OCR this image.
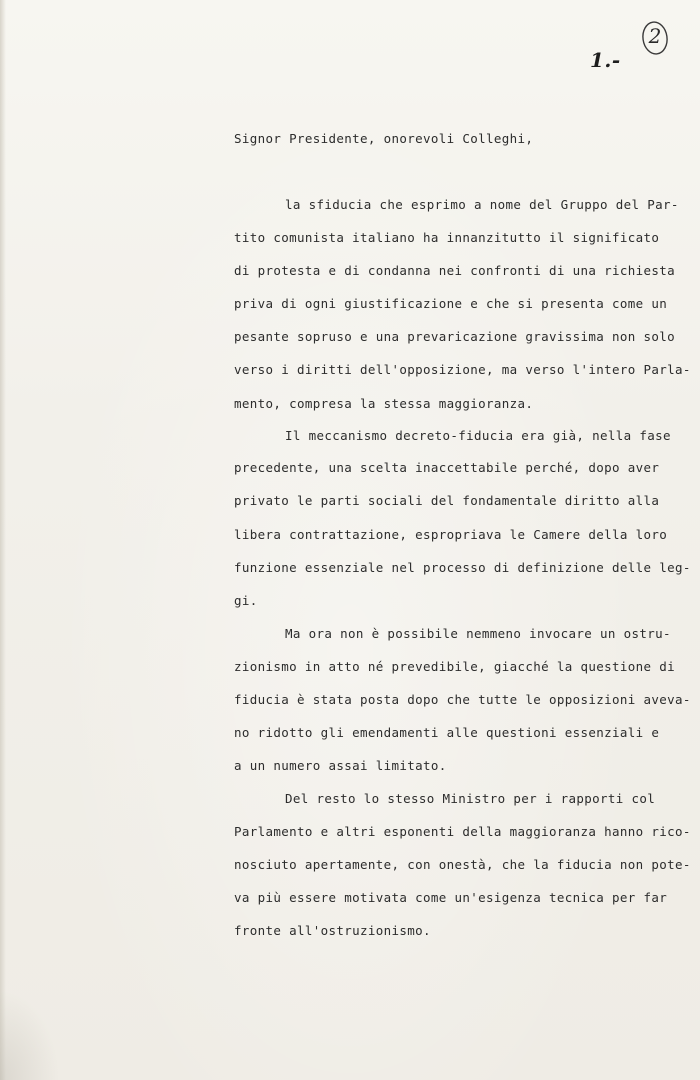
2
1.-
Signor Presidente, onorevoli Colleghi,
la sfiducia che esprimo a nome del Gruppo del Par-
tito comunista italiano ha innanzitutto il significato
di protesta e di condanna nei confronti di una richiesta
priva di ogni giustificazione e che si presenta come un
pesante sopruso e una prevaricazione gravissima non solo
verso i diritti dell'opposizione, ma verso l'intero Parla-
mento, compresa la stessa maggioranza.
Il meccanismo decreto-fiducia era già, nella fase
precedente, una scelta inaccettabile perché, dopo aver
privato le parti sociali del fondamentale diritto alla
libera contrattazione, espropriava le Camere della loro
funzione essenziale nel processo di definizione delle leg-
gi.
Ma ora non è possibile nemmeno invocare un ostru-
zionismo in atto né prevedibile, giacché la questione di
fiducia è stata posta dopo che tutte le opposizioni aveva-
no ridotto gli emendamenti alle questioni essenziali e
a un numero assai limitato.
Del resto lo stesso Ministro per i rapporti col
Parlamento e altri esponenti della maggioranza hanno rico-
nosciuto apertamente, con onestà, che la fiducia non pote-
va più essere motivata come un'esigenza tecnica per far
fronte all'ostruzionismo.
